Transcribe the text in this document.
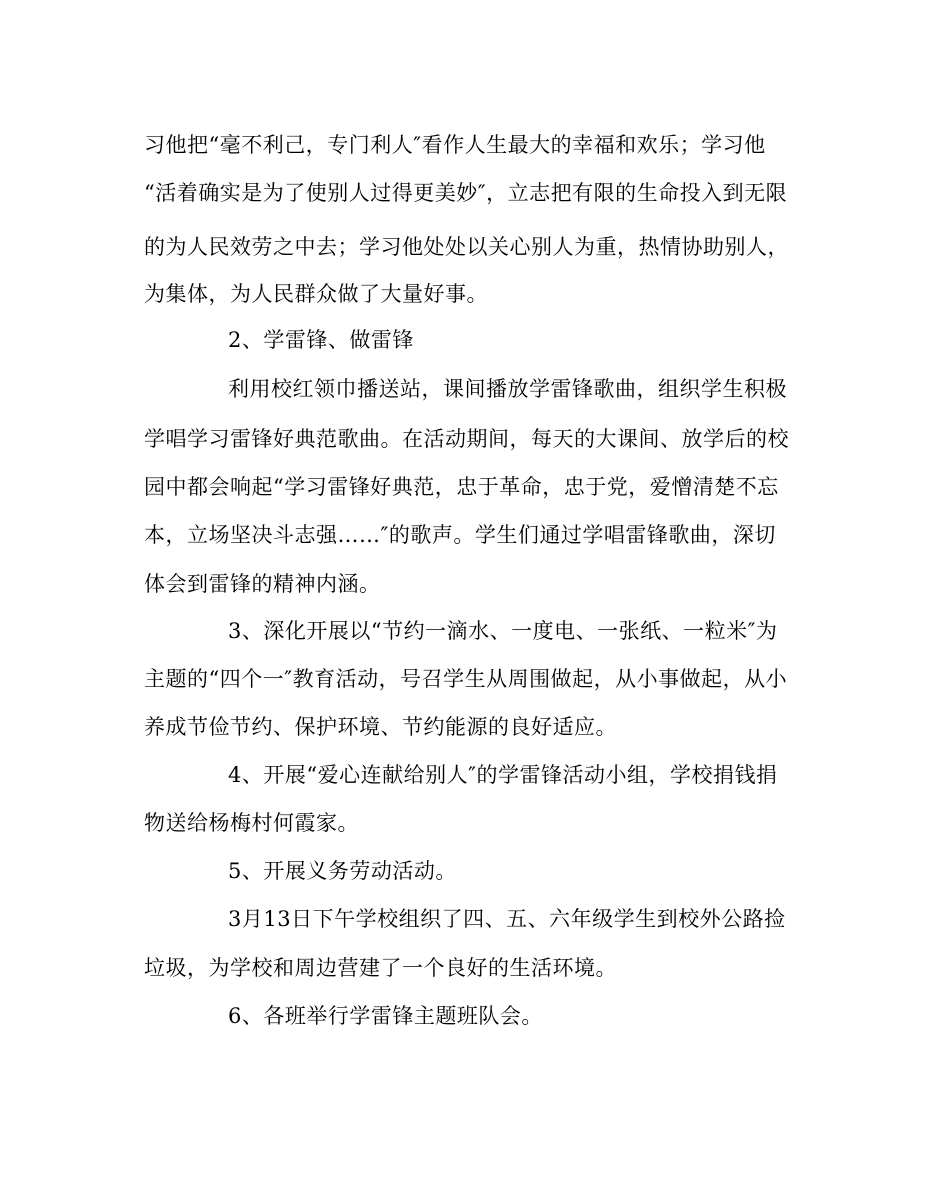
习他把“毫不利己，专门利人″看作人生最大的幸福和欢乐；学习他
“活着确实是为了使别人过得更美妙″，立志把有限的生命投入到无限
的为人民效劳之中去；学习他处处以关心别人为重，热情协助别人，
为集体，为人民群众做了大量好事。
2、学雷锋、做雷锋
利用校红领巾播送站，课间播放学雷锋歌曲，组织学生积极
学唱学习雷锋好典范歌曲。在活动期间，每天的大课间、放学后的校
园中都会响起“学习雷锋好典范，忠于革命，忠于党，爱憎清楚不忘
本，立场坚决斗志强……″的歌声。学生们通过学唱雷锋歌曲，深切
体会到雷锋的精神内涵。
3、深化开展以“节约一滴水、一度电、一张纸、一粒米″为
主题的“四个一″教育活动，号召学生从周围做起，从小事做起，从小
养成节俭节约、保护环境、节约能源的良好适应。
4、开展“爱心连献给别人″的学雷锋活动小组，学校捐钱捐
物送给杨梅村何霞家。
5、开展义务劳动活动。
3月13日下午学校组织了四、五、六年级学生到校外公路捡
垃圾，为学校和周边营建了一个良好的生活环境。
6、各班举行学雷锋主题班队会。
